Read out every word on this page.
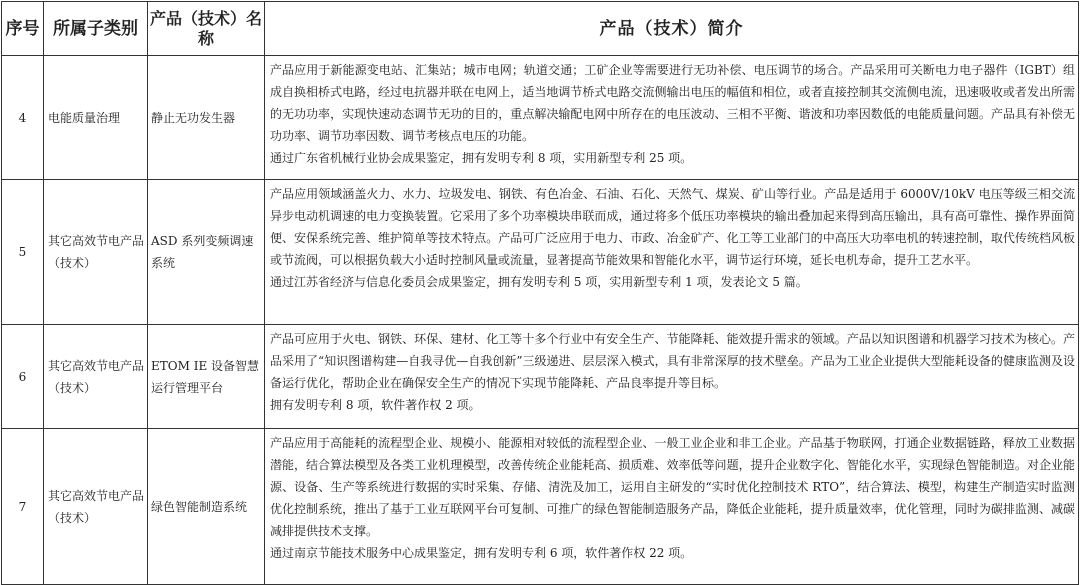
序号	所属子类别	产品（技术）名称	产品（技术）简介
4	电能质量治理	静止无功发生器	产品应用于新能源变电站、汇集站；城市电网；轨道交通；工矿企业等需要进行无功补偿、电压调节的场合。产品采用可关断电力电子器件（IGBT）组成自换相桥式电路，经过电抗器并联在电网上，适当地调节桥式电路交流侧输出电压的幅值和相位，或者直接控制其交流侧电流，迅速吸收或者发出所需的无功功率，实现快速动态调节无功的目的，重点解决输配电网中所存在的电压波动、三相不平衡、谐波和功率因数低的电能质量问题。产品具有补偿无功功率、调节功率因数、调节考核点电压的功能。
通过广东省机械行业协会成果鉴定，拥有发明专利 8 项，实用新型专利 25 项。

5	其它高效节电产品（技术）	ASD 系列变频调速系统	产品应用领域涵盖火力、水力、垃圾发电、钢铁、有色冶金、石油、石化、天然气、煤炭、矿山等行业。产品是适用于 6000V/10kV 电压等级三相交流异步电动机调速的电力变换装置。它采用了多个功率模块串联而成，通过将多个低压功率模块的输出叠加起来得到高压输出，具有高可靠性、操作界面简便、安保系统完善、维护简单等技术特点。产品可广泛应用于电力、市政、冶金矿产、化工等工业部门的中高压大功率电机的转速控制，取代传统档风板或节流阀，可以根据负载大小适时控制风量或流量，显著提高节能效果和智能化水平，调节运行环境，延长电机寿命，提升工艺水平。
通过江苏省经济与信息化委员会成果鉴定，拥有发明专利 5 项，实用新型专利 1 项，发表论文 5 篇。

6	其它高效节电产品（技术）	ETOM IE 设备智慧运行管理平台	产品可应用于火电、钢铁、环保、建材、化工等十多个行业中有安全生产、节能降耗、能效提升需求的领域。产品以知识图谱和机器学习技术为核心。产品采用了“知识图谱构建—自我寻优—自我创新”三级递进、层层深入模式，具有非常深厚的技术壁垒。产品为工业企业提供大型能耗设备的健康监测及设备运行优化，帮助企业在确保安全生产的情况下实现节能降耗、产品良率提升等目标。
拥有发明专利 8 项，软件著作权 2 项。

7	其它高效节电产品（技术）	绿色智能制造系统	产品应用于高能耗的流程型企业、规模小、能源相对较低的流程型企业、一般工业企业和非工企业。产品基于物联网，打通企业数据链路，释放工业数据潜能，结合算法模型及各类工业机理模型，改善传统企业能耗高、损质难、效率低等问题，提升企业数字化、智能化水平，实现绿色智能制造。对企业能源、设备、生产等系统进行数据的实时采集、存储、清洗及加工，运用自主研发的“实时优化控制技术 RTO”，结合算法、模型，构建生产制造实时监测优化控制系统，推出了基于工业互联网平台可复制、可推广的绿色智能制造服务产品，降低企业能耗，提升质量效率，优化管理，同时为碳排监测、减碳减排提供技术支撑。
通过南京节能技术服务中心成果鉴定，拥有发明专利 6 项，软件著作权 22 项。
